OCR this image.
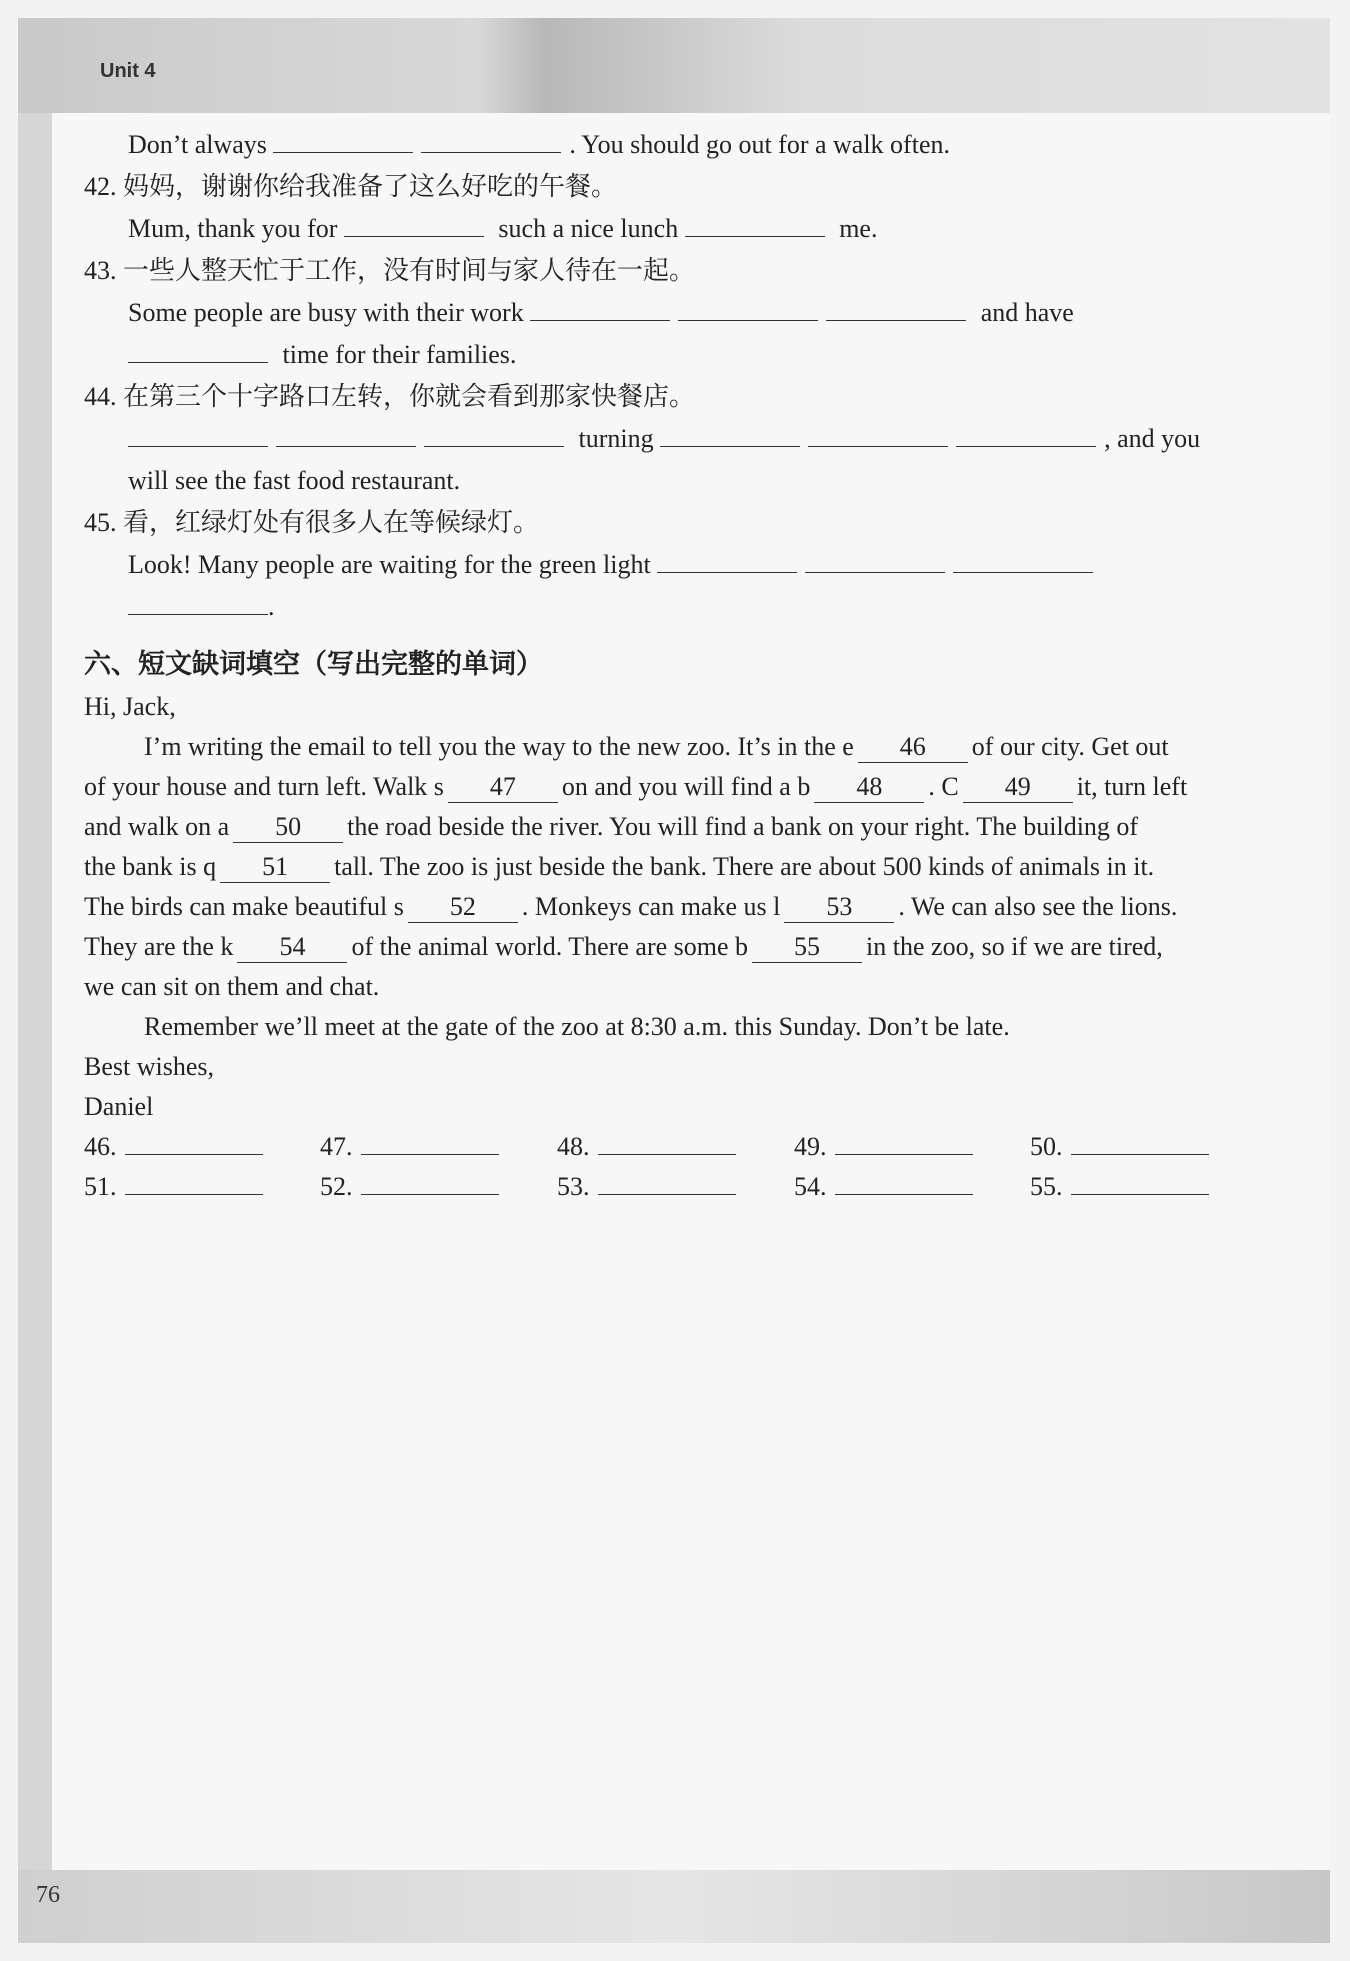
Unit 4
Don’t always	. You should go out for a walk often.
42. 妈妈，谢谢你给我准备了这么好吃的午餐。
Mum, thank you for	such a nice lunch	me.
43. 一些人整天忙于工作，没有时间与家人待在一起。
Some people are busy with their work	and have
time for their families.
44. 在第三个十字路口左转，你就会看到那家快餐店。
turning	, and you
will see the fast food restaurant.
45. 看，红绿灯处有很多人在等候绿灯。
Look! Many people are waiting for the green light
.
六、短文缺词填空（写出完整的单词）
Hi, Jack,
I’m writing the email to tell you the way to the new zoo. It’s in the e 46 of our city. Get out
of your house and turn left. Walk s 47 on and you will find a b 48 . C 49 it, turn left
and walk on a 50 the road beside the river. You will find a bank on your right. The building of
the bank is q 51 tall. The zoo is just beside the bank. There are about 500 kinds of animals in it.
The birds can make beautiful s 52 . Monkeys can make us l 53 . We can also see the lions.
They are the k 54 of the animal world. There are some b 55 in the zoo, so if we are tired,
we can sit on them and chat.
Remember we’ll meet at the gate of the zoo at 8:30 a.m. this Sunday. Don’t be late.
Best wishes,
Daniel
46.	47.	48.	49.	50.
51.	52.	53.	54.	55.
76
